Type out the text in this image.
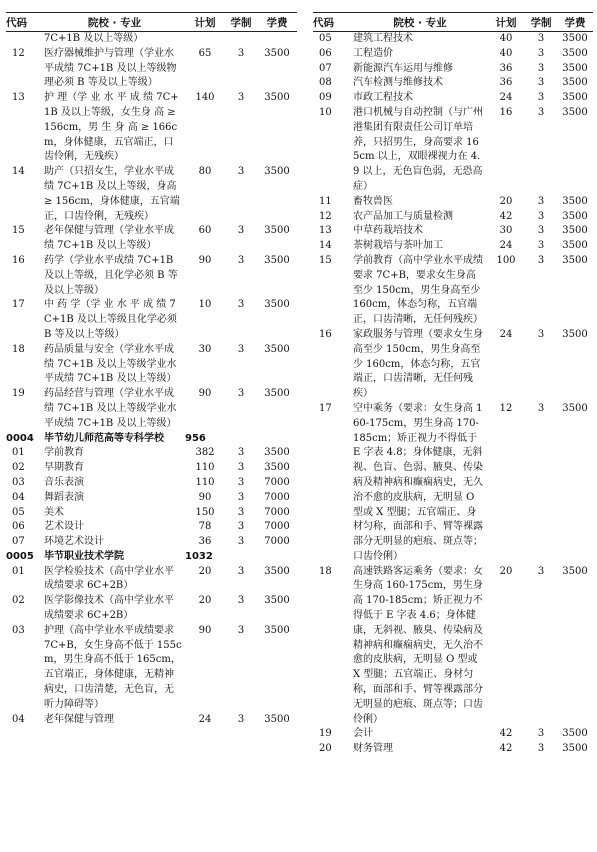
代码	院校 · 专业	计划	学制	学费
	7C+1B 及以上等级）			
12	医疗器械维护与管理（学业水平成绩 7C+1B 及以上等级物理必须 B 等及以上等级）	65	3	3500
13	护 理（学 业 水 平 成 绩 7C+1B 及以上等级，女生身 高 ≥ 156cm，男 生 身 高 ≥ 166cm，身体健康，五官端正，口齿伶俐，无残疾）	140	3	3500
14	助产（只招女生，学业水平成绩 7C+1B 及以上等级，身高 ≥ 156cm，身体健康，五官端正，口齿伶俐，无残疾）	80	3	3500
15	老年保健与管理（学业水平成绩 7C+1B 及以上等级）	60	3	3500
16	药学（学业水平成绩 7C+1B 及以上等级，且化学必须 B 等及以上等级）	90	3	3500
17	中 药 学（学 业 水 平 成 绩 7C+1B 及以上等级且化学必须 B 等及以上等级）	10	3	3500
18	药品质量与安全（学业水平成绩 7C+1B 及以上等级学业水平成绩 7C+1B 及以上等级）	30	3	3500
19	药品经营与管理（学业水平成绩 7C+1B 及以上等级学业水平成绩 7C+1B 及以上等级）	90	3	3500
0004	毕节幼儿师范高等专科学校	956		
01	学前教育	382	3	3500
02	早期教育	110	3	3500
03	音乐表演	110	3	7000
04	舞蹈表演	90	3	7000
05	美术	150	3	7000
06	艺术设计	78	3	7000
07	环境艺术设计	36	3	7000
0005	毕节职业技术学院	1032		
01	医学检验技术（高中学业水平成绩要求 6C+2B）	20	3	3500
02	医学影像技术（高中学业水平成绩要求 6C+2B）	20	3	3500
03	护理（高中学业水平成绩要求 7C+B，女生身高不低于 155cm，男生身高不低于 165cm，五官端正，身体健康，无精神病史，口齿清楚，无色盲，无听力障碍等）	90	3	3500
04	老年保健与管理	24	3	3500
代码	院校 · 专业	计划	学制	学费
05	建筑工程技术	40	3	3500
06	工程造价	40	3	3500
07	新能源汽车运用与维修	36	3	3500
08	汽车检测与维修技术	36	3	3500
09	市政工程技术	24	3	3500
10	港口机械与自动控制（与广州港集团有限责任公司订单培养，只招男生，身高要求 165cm 以上，双眼裸视力在 4.9 以上，无色盲色弱，无恐高症）	16	3	3500
11	畜牧兽医	20	3	3500
12	农产品加工与质量检测	42	3	3500
13	中草药栽培技术	30	3	3500
14	茶树栽培与茶叶加工	24	3	3500
15	学前教育（高中学业水平成绩要求 7C+B，要求女生身高至少 150cm，男生身高至少 160cm，体态匀称，五官端正，口齿清晰，无任何残疾）	100	3	3500
16	家政服务与管理（要求女生身高至少 150cm，男生身高至少 160cm，体态匀称，五官端正，口齿清晰，无任何残疾）	24	3	3500
17	空中乘务（要求：女生身高 160-175cm，男生身高 170-185cm；矫正视力不得低于 E 字表 4.8；身体健康，无斜视、色盲、色弱、腋臭、传染病及精神病和癫痫病史，无久治不愈的皮肤病，无明显 O 型或 X 型腿；五官端正、身材匀称，面部和手、臂等裸露部分无明显的疤痕、斑点等；口齿伶俐）	12	3	3500
18	高速铁路客运乘务（要求：女生身高 160-175cm，男生身高 170-185cm；矫正视力不得低于 E 字表 4.6；身体健康，无斜视、腋臭、传染病及精神病和癫痫病史，无久治不愈的皮肤病，无明显 O 型或 X 型腿；五官端正、身材匀称，面部和手、臂等裸露部分无明显的疤痕、斑点等；口齿伶俐）	20	3	3500
19	会计	42	3	3500
20	财务管理	42	3	3500
